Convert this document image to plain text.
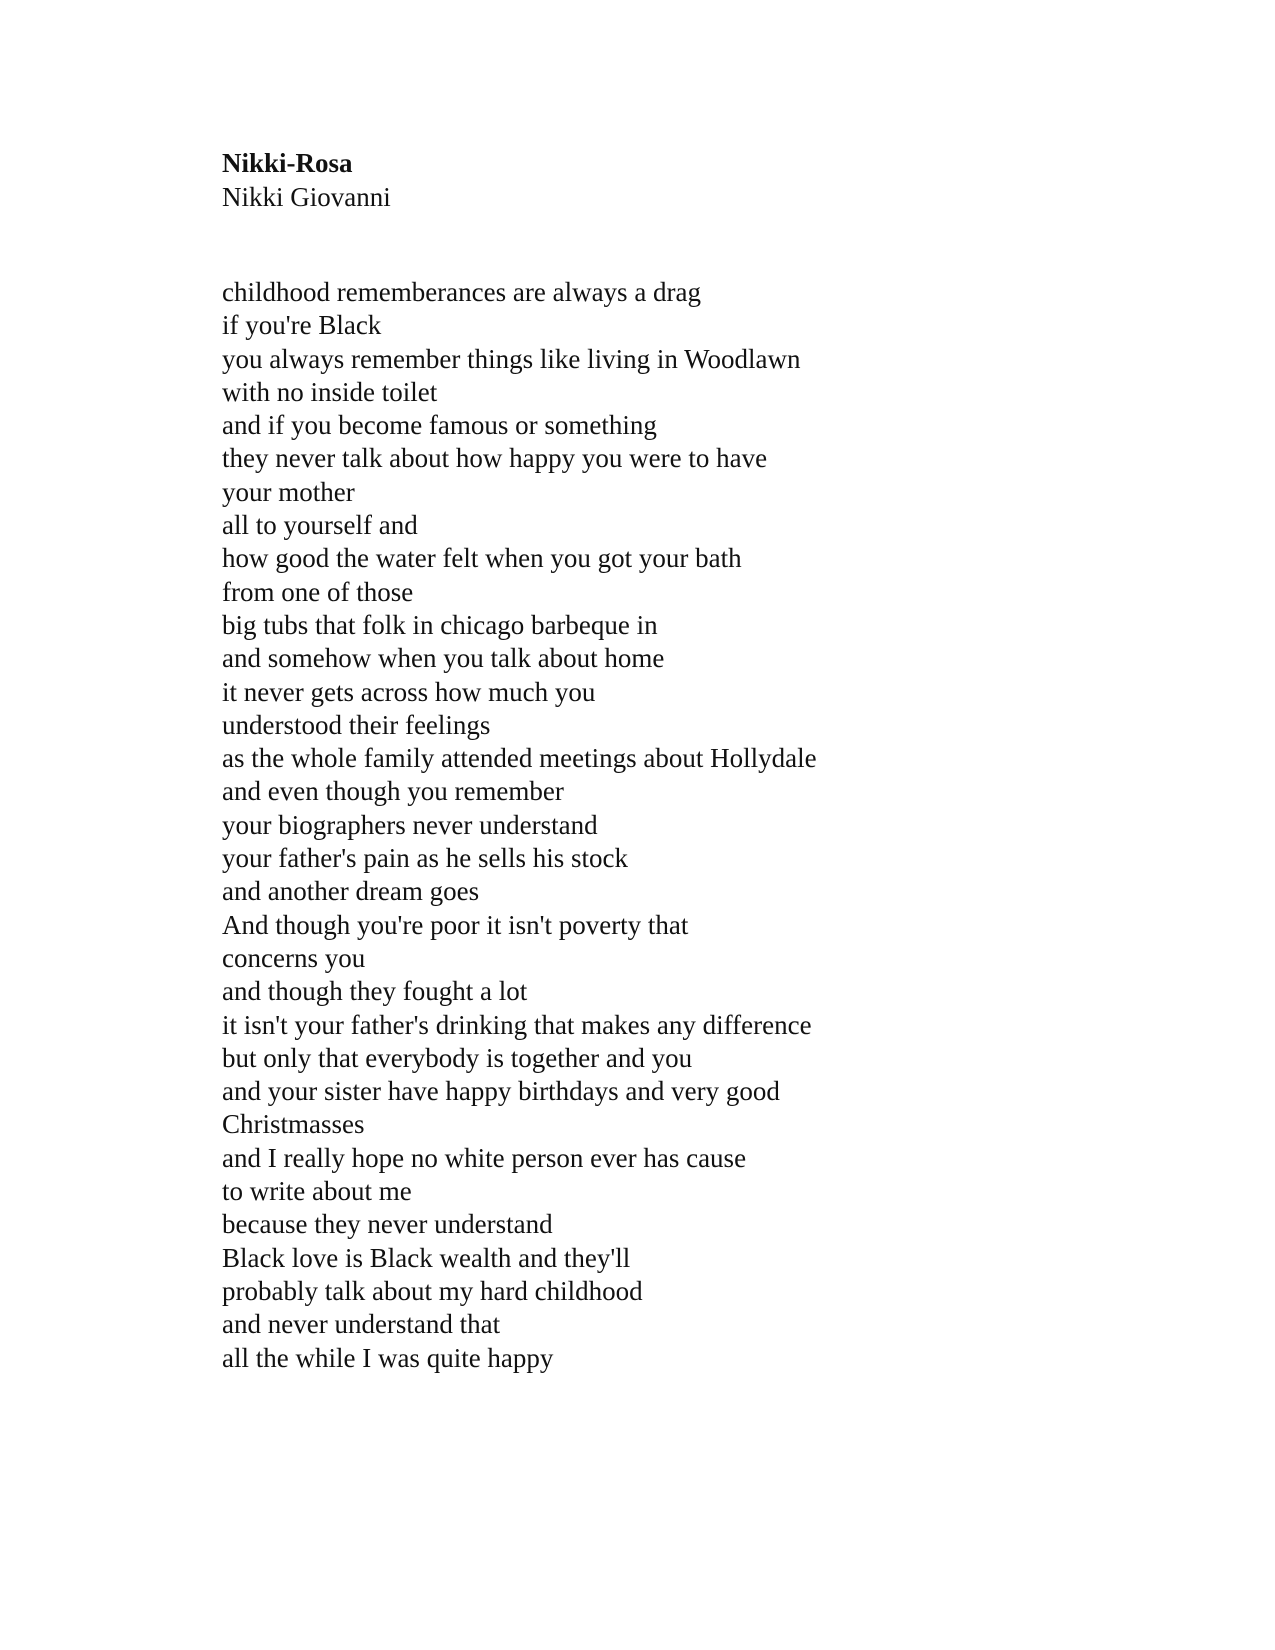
Nikki-Rosa
Nikki Giovanni
childhood rememberances are always a drag
if you're Black
you always remember things like living in Woodlawn
with no inside toilet
and if you become famous or something
they never talk about how happy you were to have
your mother
all to yourself and
how good the water felt when you got your bath
from one of those
big tubs that folk in chicago barbeque in
and somehow when you talk about home
it never gets across how much you
understood their feelings
as the whole family attended meetings about Hollydale
and even though you remember
your biographers never understand
your father's pain as he sells his stock
and another dream goes
And though you're poor it isn't poverty that
concerns you
and though they fought a lot
it isn't your father's drinking that makes any difference
but only that everybody is together and you
and your sister have happy birthdays and very good
Christmasses
and I really hope no white person ever has cause
to write about me
because they never understand
Black love is Black wealth and they'll
probably talk about my hard childhood
and never understand that
all the while I was quite happy
